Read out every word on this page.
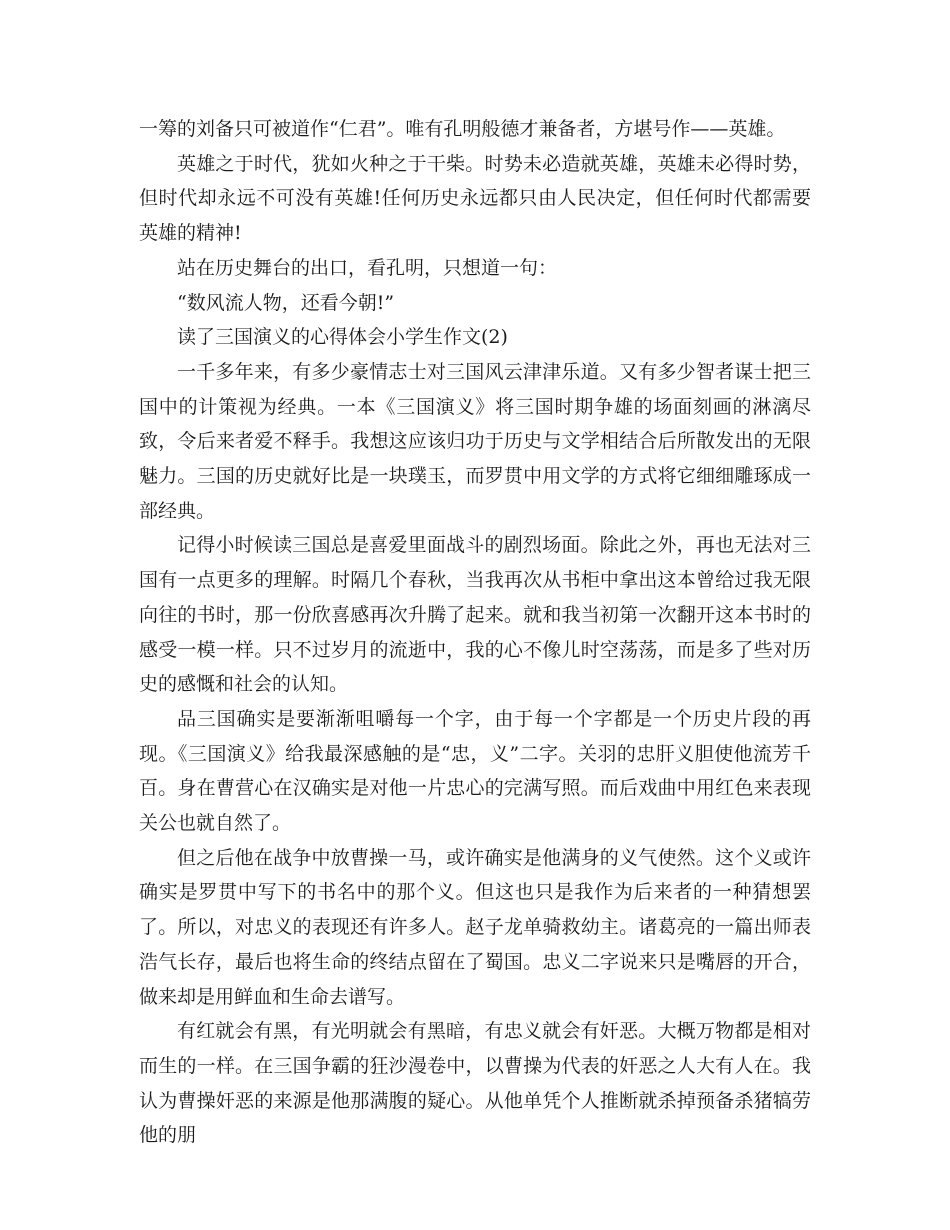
一筹的刘备只可被道作“仁君”。唯有孔明般德才兼备者，方堪号作——英雄。

英雄之于时代，犹如火种之于干柴。时势未必造就英雄，英雄未必得时势，但时代却永远不可没有英雄!任何历史永远都只由人民决定，但任何时代都需要英雄的精神!

站在历史舞台的出口，看孔明，只想道一句：

“数风流人物，还看今朝!”

读了三国演义的心得体会小学生作文(2)

一千多年来，有多少豪情志士对三国风云津津乐道。又有多少智者谋士把三国中的计策视为经典。一本《三国演义》将三国时期争雄的场面刻画的淋漓尽致，令后来者爱不释手。我想这应该归功于历史与文学相结合后所散发出的无限魅力。三国的历史就好比是一块璞玉，而罗贯中用文学的方式将它细细雕琢成一部经典。

记得小时候读三国总是喜爱里面战斗的剧烈场面。除此之外，再也无法对三国有一点更多的理解。时隔几个春秋，当我再次从书柜中拿出这本曾给过我无限向往的书时，那一份欣喜感再次升腾了起来。就和我当初第一次翻开这本书时的感受一模一样。只不过岁月的流逝中，我的心不像儿时空荡荡，而是多了些对历史的感慨和社会的认知。

品三国确实是要渐渐咀嚼每一个字，由于每一个字都是一个历史片段的再现。《三国演义》给我最深感触的是“忠，义”二字。关羽的忠肝义胆使他流芳千百。身在曹营心在汉确实是对他一片忠心的完满写照。而后戏曲中用红色来表现关公也就自然了。

但之后他在战争中放曹操一马，或许确实是他满身的义气使然。这个义或许确实是罗贯中写下的书名中的那个义。但这也只是我作为后来者的一种猜想罢了。所以，对忠义的表现还有许多人。赵子龙单骑救幼主。诸葛亮的一篇出师表浩气长存，最后也将生命的终结点留在了蜀国。忠义二字说来只是嘴唇的开合，做来却是用鲜血和生命去谱写。

有红就会有黑，有光明就会有黑暗，有忠义就会有奸恶。大概万物都是相对而生的一样。在三国争霸的狂沙漫卷中，以曹操为代表的奸恶之人大有人在。我认为曹操奸恶的来源是他那满腹的疑心。从他单凭个人推断就杀掉预备杀猪犒劳他的朋
